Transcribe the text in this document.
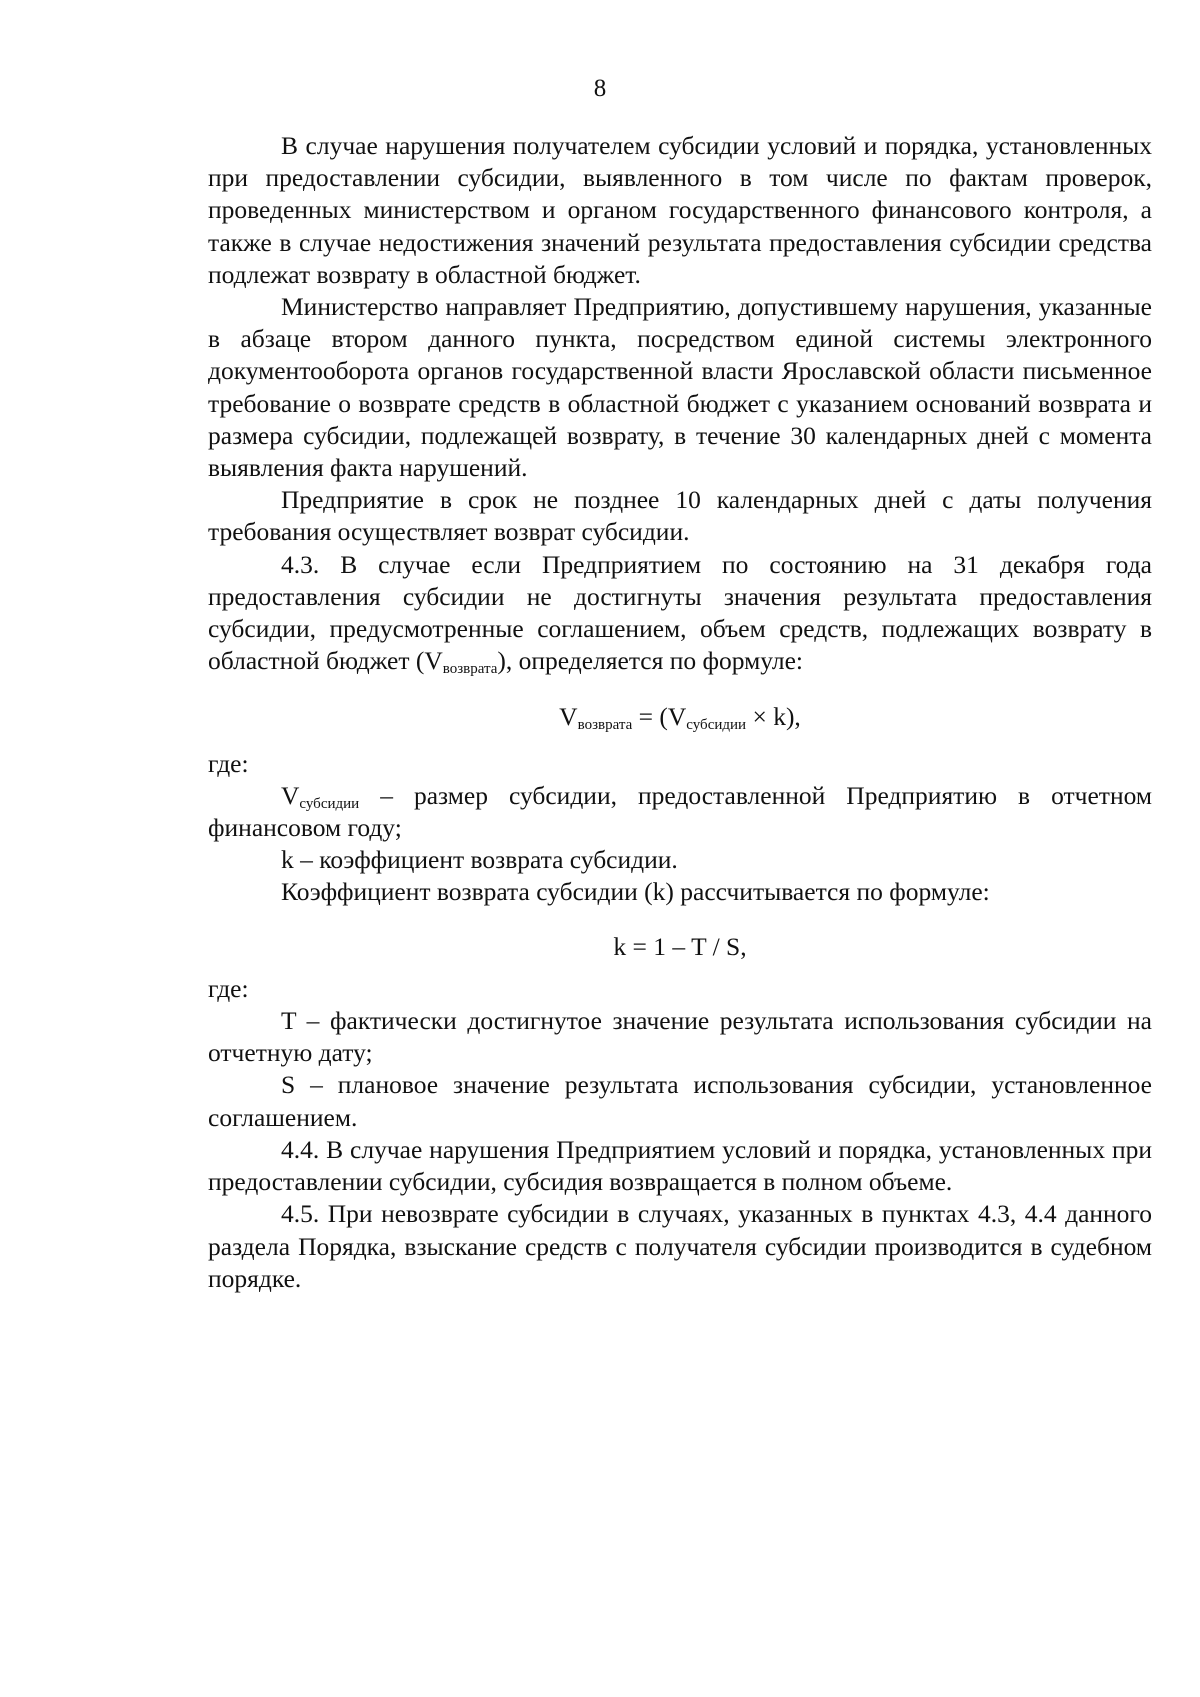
8

В случае нарушения получателем субсидии условий и порядка, установленных при предоставлении субсидии, выявленного в том числе по фактам проверок, проведенных министерством и органом государственного финансового контроля, а также в случае недостижения значений результата предоставления субсидии средства подлежат возврату в областной бюджет.

Министерство направляет Предприятию, допустившему нарушения, указанные в абзаце втором данного пункта, посредством единой системы электронного документооборота органов государственной власти Ярославской области письменное требование о возврате средств в областной бюджет с указанием оснований возврата и размера субсидии, подлежащей возврату, в течение 30 календарных дней с момента выявления факта нарушений.

Предприятие в срок не позднее 10 календарных дней с даты получения требования осуществляет возврат субсидии.

4.3. В случае если Предприятием по состоянию на 31 декабря года предоставления субсидии не достигнуты значения результата предоставления субсидии, предусмотренные соглашением, объем средств, подлежащих возврату в областной бюджет $(V_{возврата})$, определяется по формуле:

$V_{возврата} = (V_{субсидии} \times k)$,

где:

$V_{субсидии}$ – размер субсидии, предоставленной Предприятию в отчетном финансовом году;

k – коэффициент возврата субсидии.

Коэффициент возврата субсидии (k) рассчитывается по формуле:

k = 1 – T / S,

где:

T – фактически достигнутое значение результата использования субсидии на отчетную дату;

S – плановое значение результата использования субсидии, установленное соглашением.

4.4. В случае нарушения Предприятием условий и порядка, установленных при предоставлении субсидии, субсидия возвращается в полном объеме.

4.5. При невозврате субсидии в случаях, указанных в пунктах 4.3, 4.4 данного раздела Порядка, взыскание средств с получателя субсидии производится в судебном порядке.
